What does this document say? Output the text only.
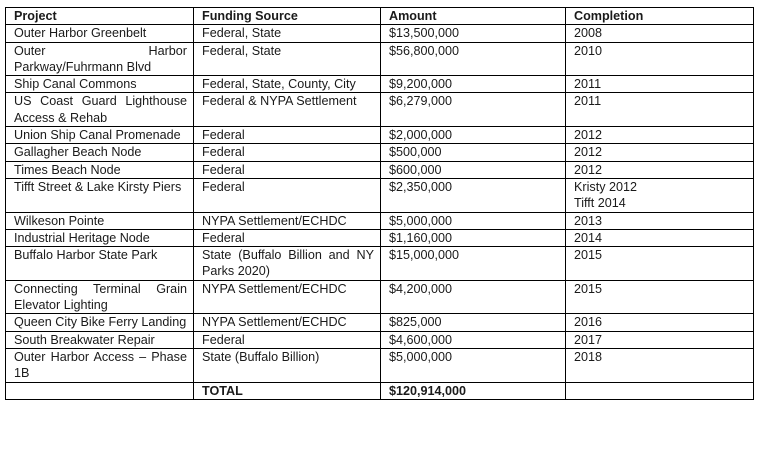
Project	Funding Source	Amount	Completion
Outer Harbor Greenbelt	Federal, State	$13,500,000	2008

Outer Harbor Parkway/Fuhrmann Blvd	Federal, State	$56,800,000	2010

Ship Canal Commons	Federal, State, County, City	$9,200,000	2011

US Coast Guard Lighthouse Access & Rehab	Federal & NYPA Settlement	$6,279,000	2011

Union Ship Canal Promenade	Federal	$2,000,000	2012

Gallagher Beach Node	Federal	$500,000	2012

Times Beach Node	Federal	$600,000	2012

Tifft Street & Lake Kirsty Piers	Federal	$2,350,000	Kristy 2012
Tifft 2014

Wilkeson Pointe	NYPA Settlement/ECHDC	$5,000,000	2013

Industrial Heritage Node	Federal	$1,160,000	2014

Buffalo Harbor State Park	State (Buffalo Billion and NY Parks 2020)	$15,000,000	2015

Connecting Terminal Grain Elevator Lighting	NYPA Settlement/ECHDC	$4,200,000	2015

Queen City Bike Ferry Landing	NYPA Settlement/ECHDC	$825,000	2016

South Breakwater Repair	Federal	$4,600,000	2017

Outer Harbor Access – Phase 1B	State (Buffalo Billion)	$5,000,000	2018

	TOTAL	$120,914,000	
